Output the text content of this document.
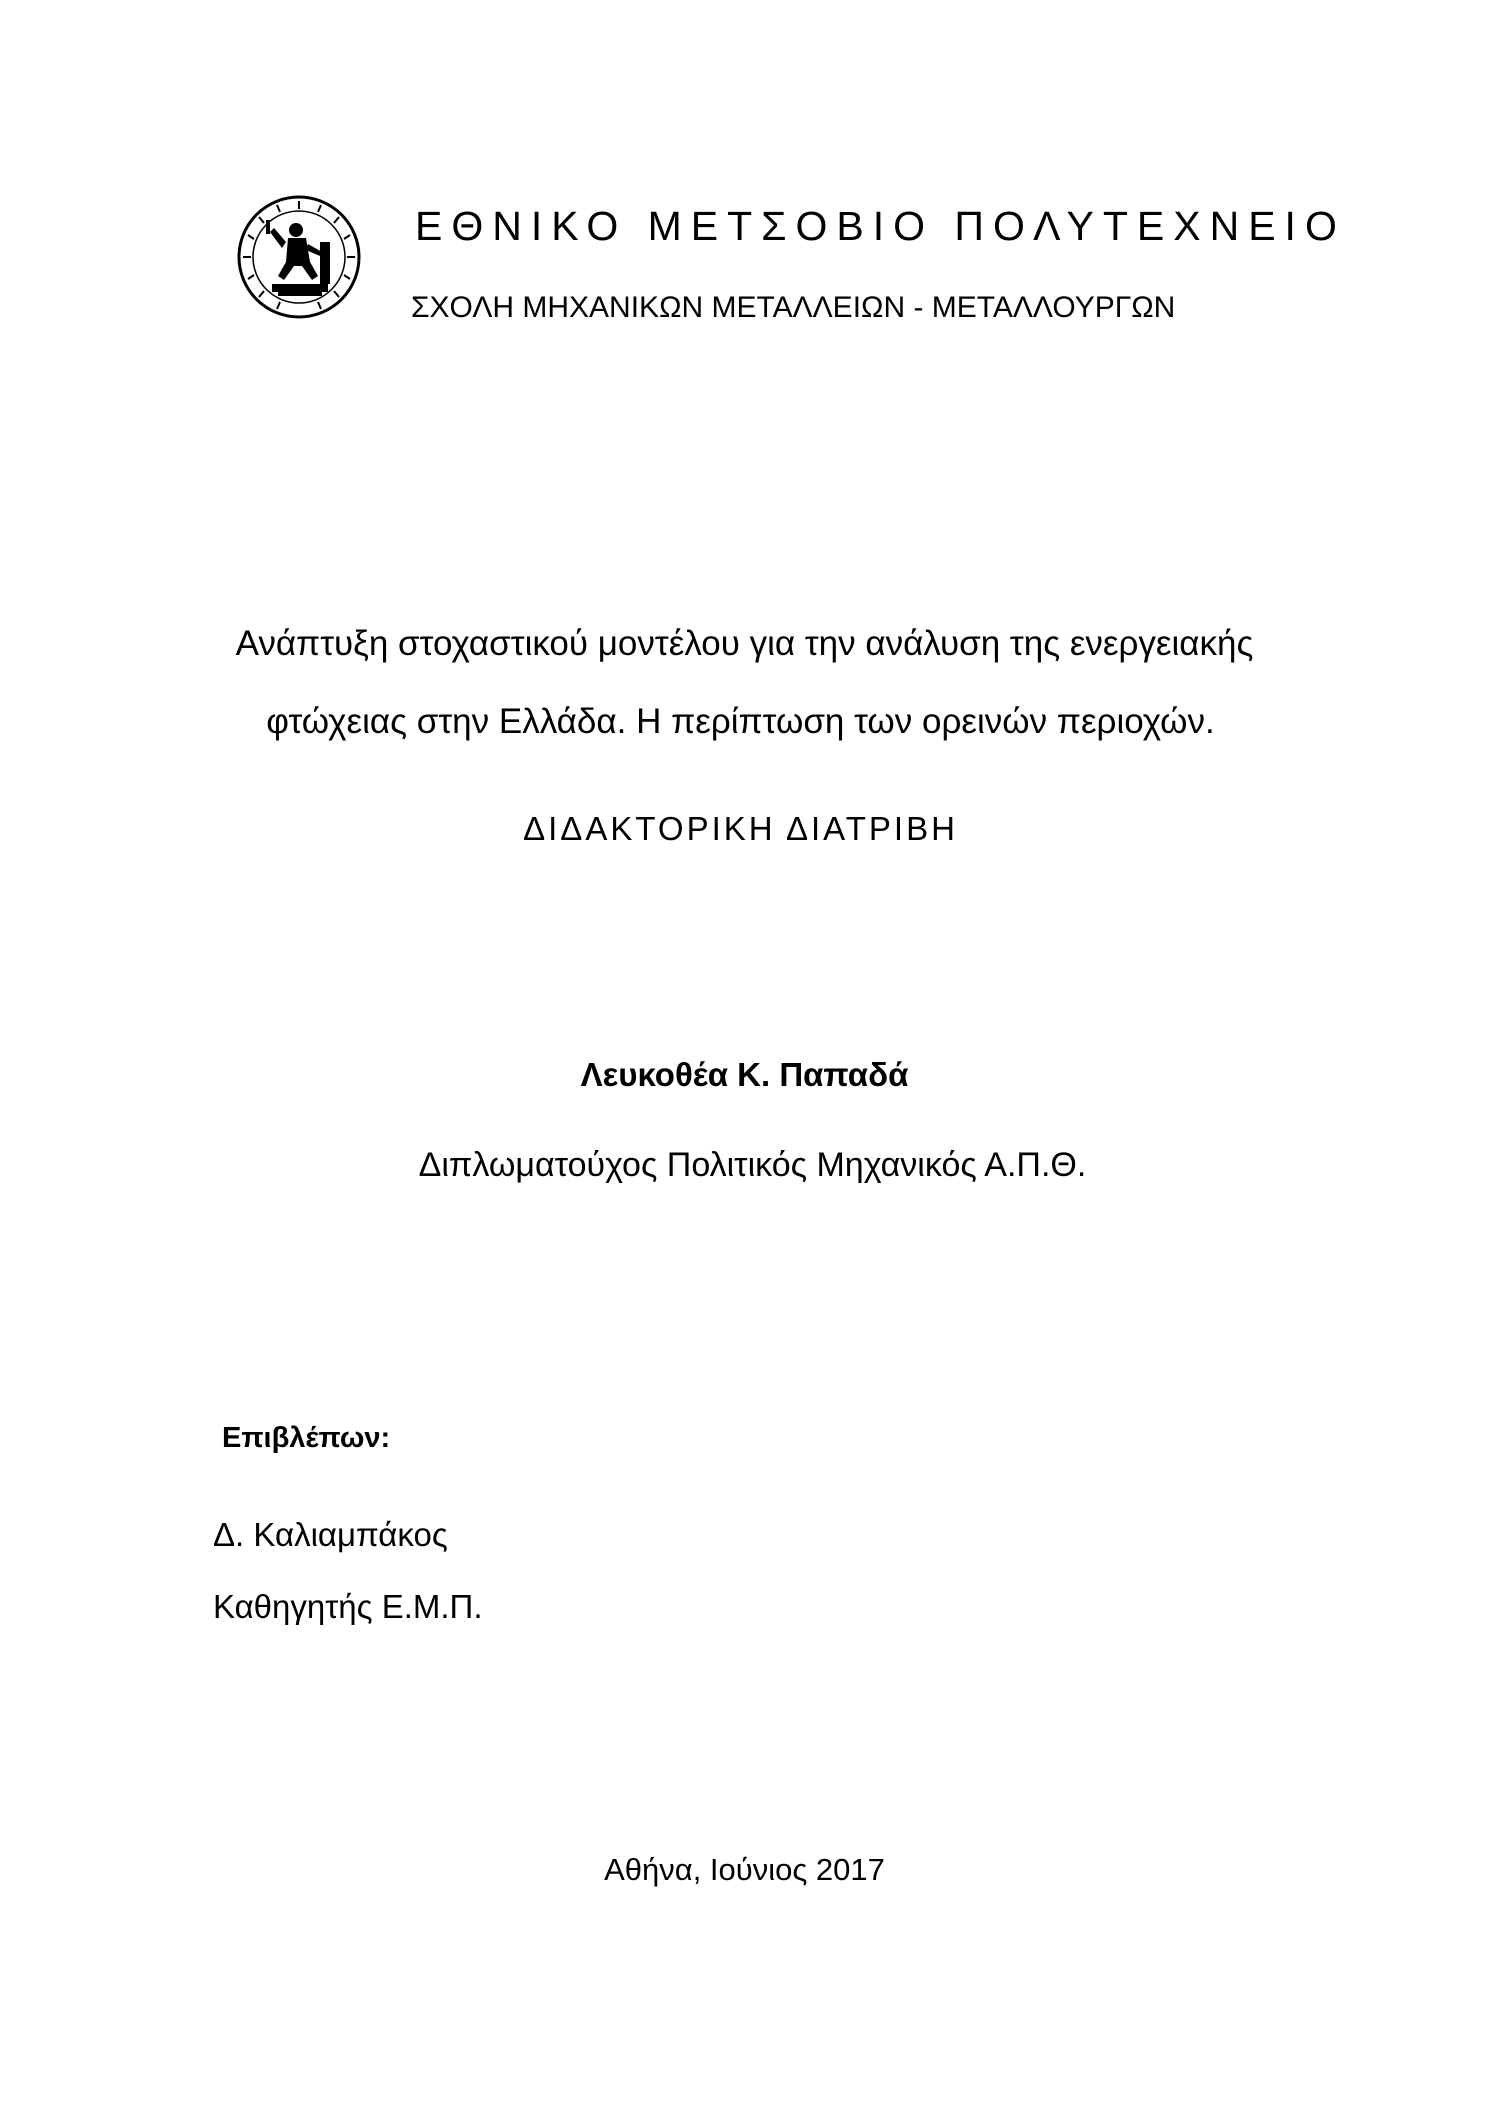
ΕΘΝΙΚΟ ΜΕΤΣΟΒΙΟ ΠΟΛΥΤΕΧΝΕΙΟ
ΣΧΟΛΗ ΜΗΧΑΝΙΚΩΝ ΜΕΤΑΛΛΕΙΩΝ - ΜΕΤΑΛΛΟΥΡΓΩΝ
Ανάπτυξη στοχαστικού μοντέλου για την ανάλυση της ενεργειακής
φτώχειας στην Ελλάδα. Η περίπτωση των ορεινών περιοχών.
ΔΙΔΑΚΤΟΡΙΚΗ ΔΙΑΤΡΙΒΗ
Λευκοθέα Κ. Παπαδά
Διπλωματούχος Πολιτικός Μηχανικός Α.Π.Θ.
Επιβλέπων:
Δ. Καλιαμπάκος
Καθηγητής Ε.Μ.Π.
Αθήνα, Ιούνιος 2017
